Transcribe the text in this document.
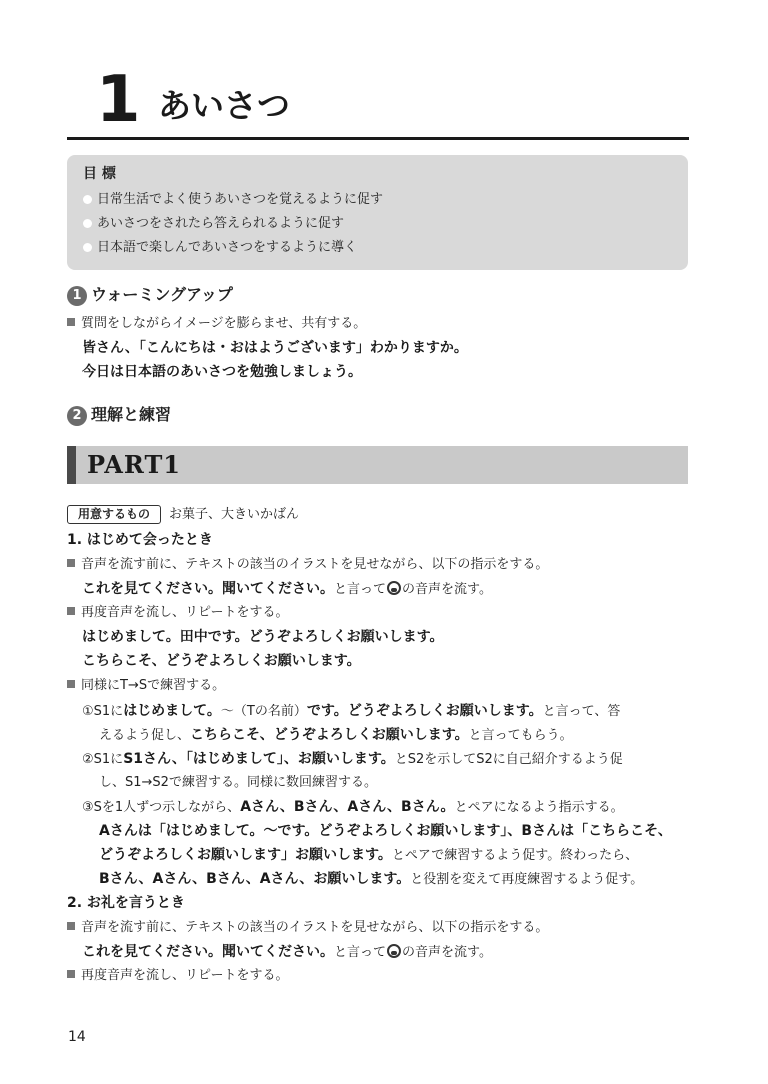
1 あいさつ
目 標
日常生活でよく使うあいさつを覚えるように促す
あいさつをされたら答えられるように促す
日本語で楽しんであいさつをするように導く
1 ウォーミングアップ
質問をしながらイメージを膨らませ、共有する。
皆さん、「こんにちは・おはようございます」わかりますか。
今日は日本語のあいさつを勉強しましょう。
2 理解と練習
PART1
用意するもの お菓子、大きいかばん
1. はじめて会ったとき
音声を流す前に、テキストの該当のイラストを見せながら、以下の指示をする。
これを見てください。聞いてください。と言って の音声を流す。
再度音声を流し、リピートをする。
はじめまして。田中です。どうぞよろしくお願いします。
こちらこそ、どうぞよろしくお願いします。
同様にT→Sで練習する。
①S1にはじめまして。～（Tの名前）です。どうぞよろしくお願いします。と言って、答
えるよう促し、こちらこそ、どうぞよろしくお願いします。と言ってもらう。
②S1にS1さん、「はじめまして」、お願いします。とS2を示してS2に自己紹介するよう促
し、S1→S2で練習する。同様に数回練習する。
③Sを1人ずつ示しながら、Aさん、Bさん、Aさん、Bさん。とペアになるよう指示する。
Aさんは「はじめまして。～です。どうぞよろしくお願いします」、Bさんは「こちらこそ、
どうぞよろしくお願いします」お願いします。とペアで練習するよう促す。終わったら、
Bさん、Aさん、Bさん、Aさん、お願いします。と役割を変えて再度練習するよう促す。
2. お礼を言うとき
音声を流す前に、テキストの該当のイラストを見せながら、以下の指示をする。
これを見てください。聞いてください。と言って の音声を流す。
再度音声を流し、リピートをする。
14
